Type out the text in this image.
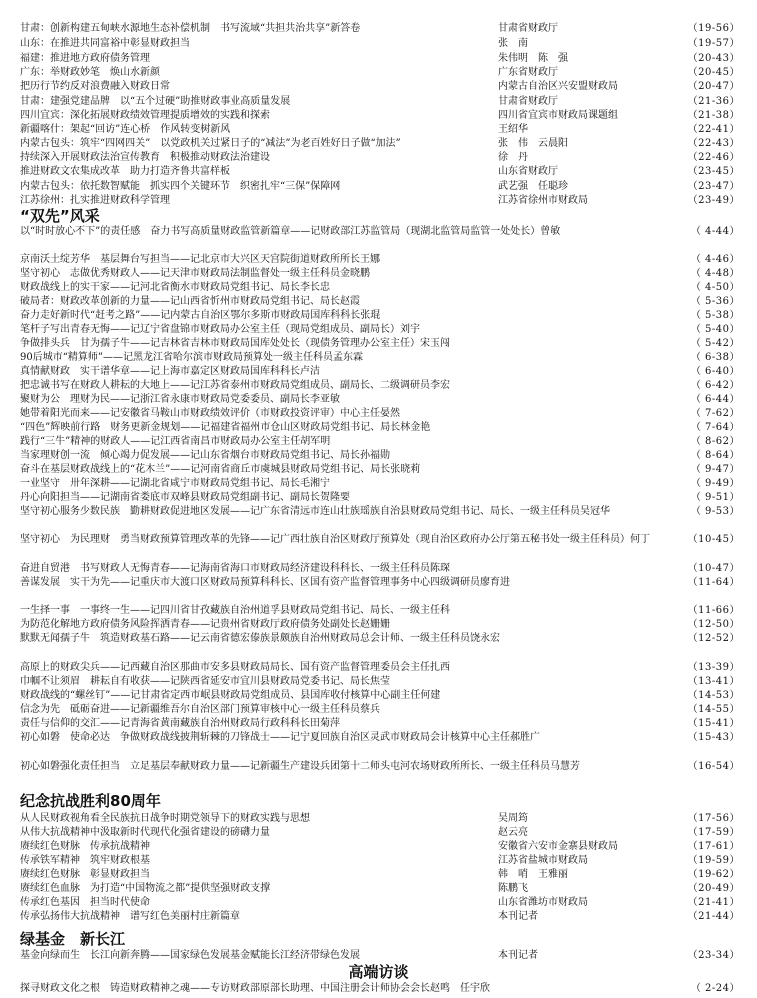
甘肃：创新构建五甸峡水源地生态补偿机制　书写流域“共担共治共享”新答卷	甘肃省财政厅	（19-56）
山东：在推进共同富裕中彰显财政担当	张　南	（19-57）
福建：推进地方政府债务管理	朱伟明　陈　强	（20-43）
广东：举财政妙笔　焕山水新颜	广东省财政厅	（20-45）
把历行节约反对浪费融入财政日常	内蒙古自治区兴安盟财政局	（20-47）
甘肃：建强党建品牌　以“五个过硬”助推财政事业高质量发展	甘肃省财政厅	（21-36）
四川宜宾：深化拓展财政绩效管理提质增效的实践和探索	四川省宜宾市财政局课题组	（21-38）
新疆喀什：架起“回访”连心桥　作风转变树新风	王绍华	（22-41）
内蒙古包头：筑牢“四网四关”　以党政机关过紧日子的“减法”为老百姓好日子做“加法”	张　伟　云晨阳	（22-43）
持续深入开展财政法治宣传教育　积极推动财政法治建设	徐　丹	（22-46）
推进财政文农集成改革　助力打造齐鲁共富样板	山东省财政厅	（23-45）
内蒙古包头：依托数智赋能　抓实四个关键环节　织密扎牢“三保”保障网	武艺强　任聪珍	（23-47）
江苏徐州：扎实推进财政科学管理	江苏省徐州市财政局	（23-49）
“双先”风采
以“时时放心不下”的责任感　奋力书写高质量财政监管新篇章——记财政部江苏监管局（现湖北监管局监管一处处长）曾敏	（ 4-44）
京南沃土绽芳华　基层舞台写担当——记北京市大兴区天宫院街道财政所所长王娜	（ 4-46）
坚守初心　志做优秀财政人——记天津市财政局法制监督处一级主任科员金晓鹏	（ 4-48）
财政战线上的实干家——记河北省衡水市财政局党组书记、局长李长忠	（ 4-50）
破局者：财政改革创新的力量——记山西省忻州市财政局党组书记、局长赵霞	（ 5-36）
奋力走好新时代“赶考之路”——记内蒙古自治区鄂尔多斯市财政局国库科科长张琨	（ 5-38）
笔杆子写出青春无悔——记辽宁省盘锦市财政局办公室主任（现局党组成员、副局长）刘宇	（ 5-40）
争做排头兵　甘为孺子牛——记吉林省吉林市财政局国库处处长（现债务管理办公室主任）宋玉闯	（ 5-42）
90后城市“精算师”——记黑龙江省哈尔滨市财政局预算处一级主任科员孟东霖	（ 6-38）
真情献财政　实干谱华章——记上海市嘉定区财政局国库科科长卢洁	（ 6-40）
把忠诚书写在财政人耕耘的大地上——记江苏省泰州市财政局党组成员、副局长、二级调研员李宏	（ 6-42）
聚财为公　理财为民——记浙江省永康市财政局党委委员、副局长李亚敏	（ 6-44）
她带着阳光而来——记安徽省马鞍山市财政绩效评价（市财政投资评审）中心主任晏然	（ 7-62）
“四色”辉映前行路　财务更新金规划——记福建省福州市仓山区财政局党组书记、局长林金艳	（ 7-64）
践行“三牛”精神的财政人——记江西省南昌市财政局办公室主任胡军明	（ 8-62）
当家理财创一流　倾心竭力促发展——记山东省烟台市财政局党组书记、局长孙福勋	（ 8-64）
奋斗在基层财政战线上的“花木兰”——记河南省商丘市虞城县财政局党组书记、局长张晓莉	（ 9-47）
一业坚守　卅年深耕——记湖北省咸宁市财政局党组书记、局长毛湘宁	（ 9-49）
丹心向阳担当——记湖南省娄底市双峰县财政局党组副书记、副局长贺隆要	（ 9-51）
坚守初心服务少数民族　勤耕财政促进地区发展——记广东省清远市连山壮族瑶族自治县财政局党组书记、局长、一级主任科员吴冠华	（ 9-53）
坚守初心　为民理财　勇当财政预算管理改革的先锋——记广西壮族自治区财政厅预算处（现自治区政府办公厅第五秘书处一级主任科员）何丁	（10-45）
奋进自贸港　书写财政人无悔青春——记海南省海口市财政局经济建设科科长、一级主任科员陈琛	（10-47）
善谋发展　实干为先——记重庆市大渡口区财政局预算科科长、区国有资产监督管理事务中心四级调研员廖育进	（11-64）
一生择一事　一事终一生——记四川省甘孜藏族自治州道孚县财政局党组书记、局长、一级主任科	（11-66）
为防范化解地方政府债务风险挥洒青春——记贵州省财政厅政府债务处副处长赵姗姗	（12-50）
默默无闻孺子牛　筑造财政基石路——记云南省德宏傣族景颇族自治州财政局总会计师、一级主任科员饶永宏	（12-52）
高原上的财政尖兵——记西藏自治区那曲市安多县财政局局长、国有资产监督管理委员会主任扎西	（13-39）
巾帼不让须眉　耕耘自有收获——记陕西省延安市宜川县财政局党委书记、局长焦莹	（13-41）
财政战线的“螺丝钉”——记甘肃省定西市岷县财政局党组成员、县国库收付核算中心副主任何建	（14-53）
信念为先　砥砺奋进——记新疆维吾尔自治区部门预算审核中心一级主任科员蔡兵	（14-55）
责任与信仰的交汇——记青海省黄南藏族自治州财政局行政科科长田菊萍	（15-41）
初心如磐　使命必达　争做财政战线披荆斩棘的刀锋战士——记宁夏回族自治区灵武市财政局会计核算中心主任郝胜广	（15-43）
初心如磐强化责任担当　立足基层奉献财政力量——记新疆生产建设兵团第十二师头屯河农场财政所所长、一级主任科员马慧芳	（16-54）
纪念抗战胜利80周年
从人民财政视角看全民族抗日战争时期党领导下的财政实践与思想	吴周筠	（17-56）
从伟大抗战精神中汲取新时代现代化强省建设的磅礴力量	赵云亮	（17-59）
赓续红色财脉　传承抗战精神	安徽省六安市金寨县财政局	（17-61）
传承铁军精神　筑牢财政根基	江苏省盐城市财政局	（19-59）
赓续红色财脉　彰显财政担当	韩　哨　王雅丽	（19-62）
赓续红色血脉　为打造“中国物流之都”提供坚强财政支撑	陈鹏飞	（20-49）
传承红色基因　担当时代使命	山东省潍坊市财政局	（21-41）
传承弘扬伟大抗战精神　谱写红色美丽村庄新篇章	本刊记者	（21-44）
绿基金　新长江
基金向绿而生　长江向新奔腾——国家绿色发展基金赋能长江经济带绿色发展	本刊记者	（23-34）
高端访谈
探寻财政文化之根　铸造财政精神之魂——专访财政部原部长助理、中国注册会计师协会会长赵鸣　任宇欣	（ 2-24）
